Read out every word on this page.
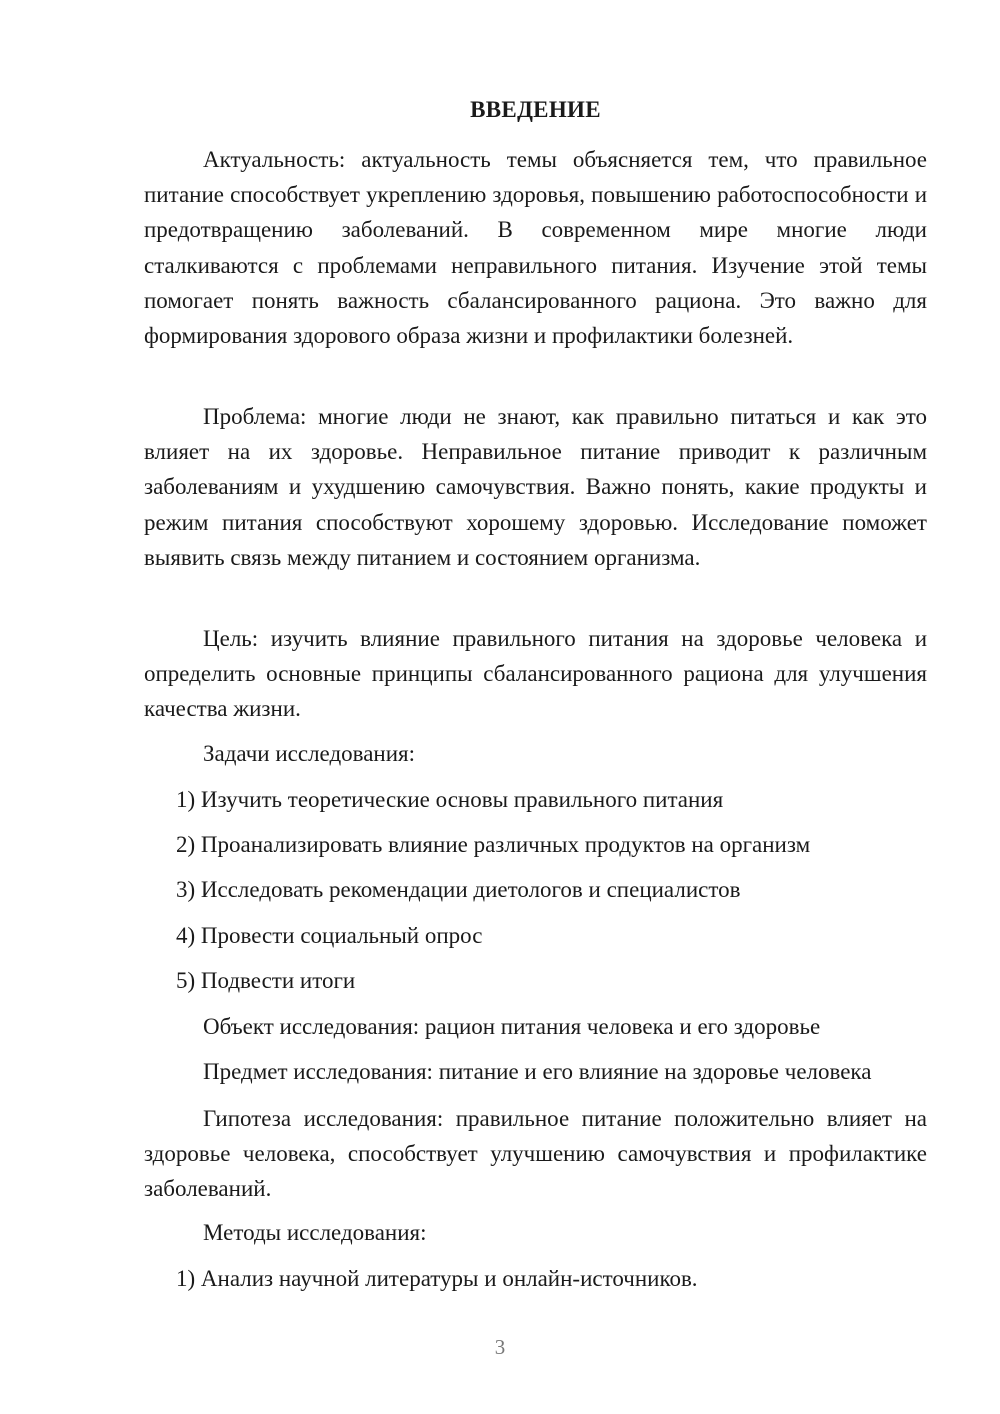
ВВЕДЕНИЕ

Актуальность: актуальность темы объясняется тем, что правильное питание способствует укреплению здоровья, повышению работоспособности и предотвращению заболеваний. В современном мире многие люди сталкиваются с проблемами неправильного питания. Изучение этой темы помогает понять важность сбалансированного рациона. Это важно для формирования здорового образа жизни и профилактики болезней.

Проблема: многие люди не знают, как правильно питаться и как это влияет на их здоровье. Неправильное питание приводит к различным заболеваниям и ухудшению самочувствия. Важно понять, какие продукты и режим питания способствуют хорошему здоровью. Исследование поможет выявить связь между питанием и состоянием организма.

Цель: изучить влияние правильного питания на здоровье человека и определить основные принципы сбалансированного рациона для улучшения качества жизни.

Задачи исследования:

1) Изучить теоретические основы правильного питания

2) Проанализировать влияние различных продуктов на организм

3) Исследовать рекомендации диетологов и специалистов

4) Провести социальный опрос

5) Подвести итоги

Объект исследования: рацион питания человека и его здоровье

Предмет исследования: питание и его влияние на здоровье человека

Гипотеза исследования: правильное питание положительно влияет на здоровье человека, способствует улучшению самочувствия и профилактике заболеваний.

Методы исследования:

1) Анализ научной литературы и онлайн-источников.

3
